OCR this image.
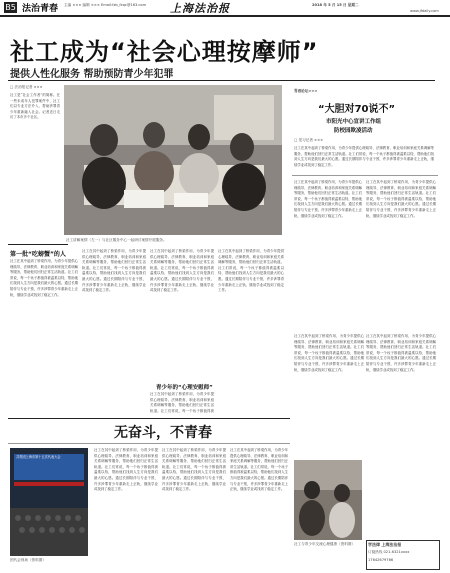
B5 法治青春 主编 ××× 编辑 ××× Email:fzb_fzqc@163.com 上海法治报	2018 年 5 月 15 日 星期二
www.jfdaily.com
社工成为“社会心理按摩师”
提供人性化服务 帮助预防青少年犯罪
□ 法治报记者 ×××
社工是“社会工作者”的简称。在一些未成年人犯罪案件中，社工们以专业方法介入，帮助涉罪青少年重新融入社会。记者近日走访了本市多个社区。
社工讲解案情（左一）与社区服务中心一起研讨案情开展服务。
青春论坛>>>
“大胆对70说不”
市阳光中心宣讲工作组
防校园欺凌活动
□ 见习记者 ×××
社工在其中起到了桥梁作用，为青少年提供心理疏导、法律教育、职业培训和家庭关系调解等服务，帮助他们回归正常生活轨道。社工们常说，每一个孩子都值得被温柔以待，帮助他们找到人生方向是我们最大的心愿。通过长期陪伴与专业干预，许多涉罪青少年重新走上正轨，继续学业或找到了稳定工作。
第一批“吃螃蟹”的人
社工在其中起到了桥梁作用，为青少年提供心理疏导、法律教育、职业培训和家庭关系调解等服务，帮助他们回归正常生活轨道。社工们常说，每一个孩子都值得被温柔以待，帮助他们找到人生方向是我们最大的心愿。通过长期陪伴与专业干预，许多涉罪青少年重新走上正轨，继续学业或找到了稳定工作。
社工在其中起到了桥梁作用，为青少年提供心理疏导、法律教育、职业培训和家庭关系调解等服务，帮助他们回归正常生活轨道。社工们常说，每一个孩子都值得被温柔以待，帮助他们找到人生方向是我们最大的心愿。通过长期陪伴与专业干预，许多涉罪青少年重新走上正轨，继续学业或找到了稳定工作。
社工在其中起到了桥梁作用，为青少年提供心理疏导、法律教育、职业培训和家庭关系调解等服务，帮助他们回归正常生活轨道。社工们常说，每一个孩子都值得被温柔以待，帮助他们找到人生方向是我们最大的心愿。通过长期陪伴与专业干预，许多涉罪青少年重新走上正轨，继续学业或找到了稳定工作。
青少年的“心理安慰师”
社工在其中起到了桥梁作用，为青少年提供心理疏导、法律教育、职业培训和家庭关系调解等服务，帮助他们回归正常生活轨道。社工们常说，每一个孩子都值得被
社工在其中起到了桥梁作用，为青少年提供心理疏导、法律教育、职业培训和家庭关系调解等服务，帮助他们回归正常生活轨道。社工们常说，每一个孩子都值得被温柔以待，帮助他们找到人生方向是我们最大的心愿。通过长期陪伴与专业干预，许多涉罪青少年重新走上正轨，继续学业或找到了稳定工作。
社工在其中起到了桥梁作用，为青少年提供心理疏导、法律教育、职业培训和家庭关系调解等服务，帮助他们回归正常生活轨道。社工们常说，每一个孩子都值得被温柔以待，帮助他们找到人生方向是我们最大的心愿。通过长期陪伴与专业干预，许多涉罪青少年重新走上正轨，继续学业或找到了稳定工作。
社工在其中起到了桥梁作用，为青少年提供心理疏导、法律教育、职业培训和家庭关系调解等服务，帮助他们回归正常生活轨道。社工们常说，每一个孩子都值得被温柔以待，帮助他们找到人生方向是我们最大的心愿。通过长期陪伴与专业干预，许多涉罪青少年重新走上正轨，继续学业或找到了稳定工作。
社工在其中起到了桥梁作用，为青少年提供心理疏导、法律教育、职业培训和家庭关系调解等服务，帮助他们回归正常生活轨道。社工们常说，每一个孩子都值得被温柔以待，帮助他们找到人生方向是我们最大的心愿。通过长期陪伴与专业干预，许多涉罪青少年重新走上正轨，继续学业或找到了稳定工作。
社工在其中起到了桥梁作用，为青少年提供心理疏导、法律教育、职业培训和家庭关系调解等服务，帮助他们回归正常生活轨道。社工们常说，每一个孩子都值得被温柔以待，帮助他们找到人生方向是我们最大的心愿。通过长期陪伴与专业干预，许多涉罪青少年重新走上正轨，继续学业或找到了稳定工作。
社工与青少年交流心理健康（资料图）
无奋斗，不青春
共青团上海市第十五次代表大会
团代会现场（资料图）
社工在其中起到了桥梁作用，为青少年提供心理疏导、法律教育、职业培训和家庭关系调解等服务，帮助他们回归正常生活轨道。社工们常说，每一个孩子都值得被温柔以待，帮助他们找到人生方向是我们最大的心愿。通过长期陪伴与专业干预，许多涉罪青少年重新走上正轨，继续学业或找到了稳定工作。
社工在其中起到了桥梁作用，为青少年提供心理疏导、法律教育、职业培训和家庭关系调解等服务，帮助他们回归正常生活轨道。社工们常说，每一个孩子都值得被温柔以待，帮助他们找到人生方向是我们最大的心愿。通过长期陪伴与专业干预，许多涉罪青少年重新走上正轨，继续学业或找到了稳定工作。
社工在其中起到了桥梁作用，为青少年提供心理疏导、法律教育、职业培训和家庭关系调解等服务，帮助他们回归正常生活轨道。社工们常说，每一个孩子都值得被温柔以待，帮助他们找到人生方向是我们最大的心愿。通过长期陪伴与专业干预，许多涉罪青少年重新走上正轨，继续学业或找到了稳定工作。
学法律 上海法治报
订阅热线 021-6321xxxx
17642679766
